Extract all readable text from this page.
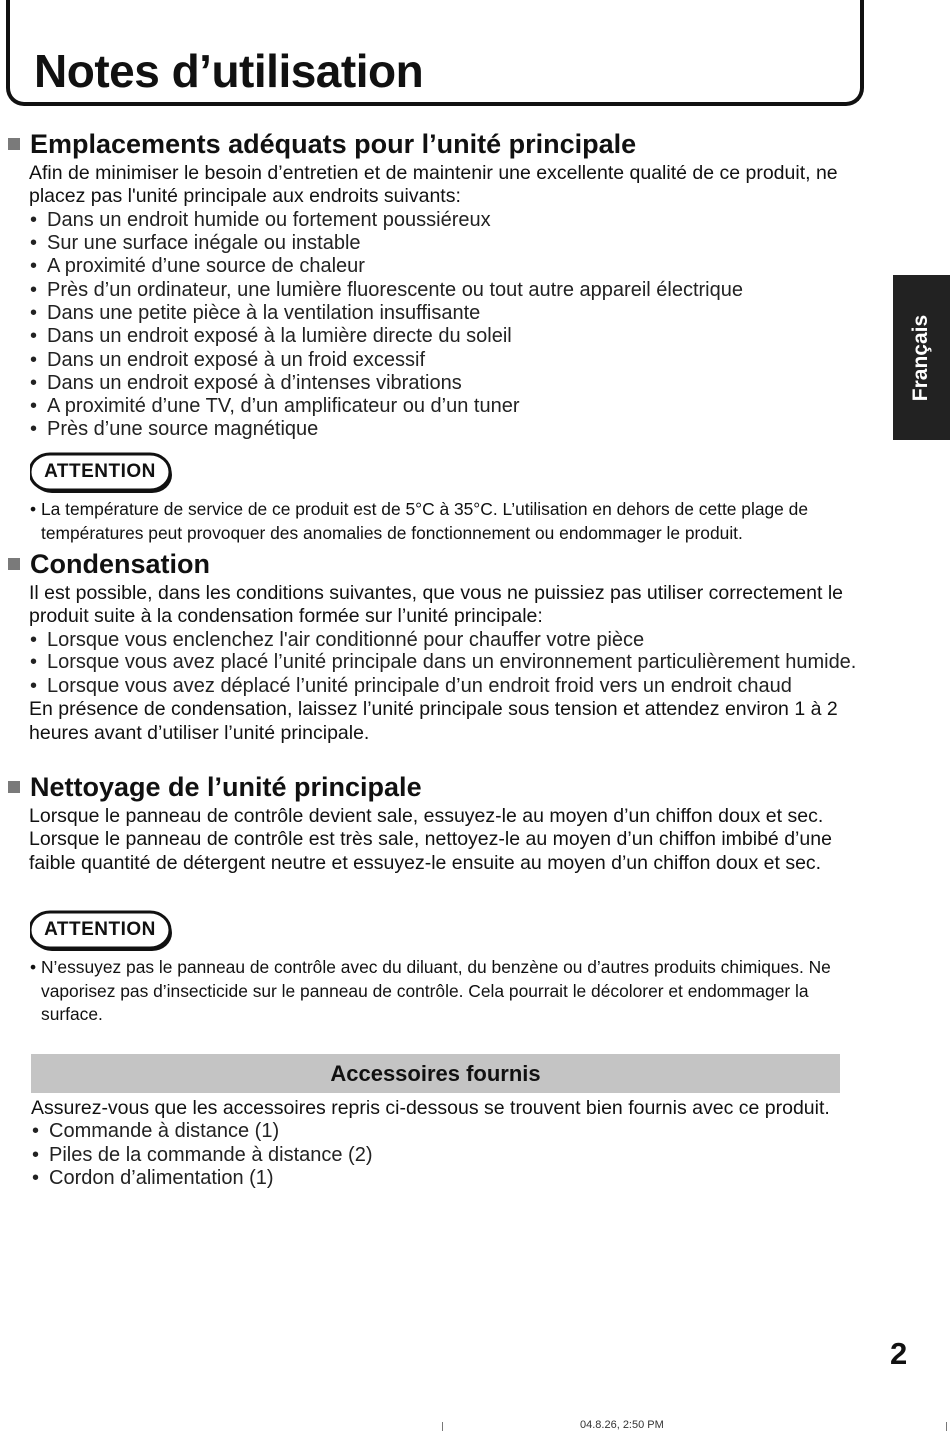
Notes d’utilisation
Français
Emplacements adéquats pour l’unité principale

Afin de minimiser le besoin d’entretien et de maintenir une excellente qualité de ce produit, ne placez pas l'unité principale aux endroits suivants:

• Dans un endroit humide ou fortement poussiéreux
• Sur une surface inégale ou instable
• A proximité d’une source de chaleur
• Près d’un ordinateur, une lumière fluorescente ou tout autre appareil électrique
• Dans une petite pièce à la ventilation insuffisante
• Dans un endroit exposé à la lumière directe du soleil
• Dans un endroit exposé à un froid excessif
• Dans un endroit exposé à d’intenses vibrations
• A proximité d’une TV, d’un amplificateur ou d’un tuner
• Près d’une source magnétique
ATTENTION

• La température de service de ce produit est de 5°C à 35°C. L’utilisation en dehors de cette plage de températures peut provoquer des anomalies de fonctionnement ou endommager le produit.

Condensation

Il est possible, dans les conditions suivantes, que vous ne puissiez pas utiliser correctement le produit suite à la condensation formée sur l’unité principale:

• Lorsque vous enclenchez l'air conditionné pour chauffer votre pièce
• Lorsque vous avez placé l’unité principale dans un environnement particulièrement humide.
• Lorsque vous avez déplacé l’unité principale d’un endroit froid vers un endroit chaud

En présence de condensation, laissez l’unité principale sous tension et attendez environ 1 à 2 heures avant d’utiliser l’unité principale.

Nettoyage de l’unité principale

Lorsque le panneau de contrôle devient sale, essuyez-le au moyen d’un chiffon doux et sec. Lorsque le panneau de contrôle est très sale, nettoyez-le au moyen d’un chiffon imbibé d’une faible quantité de détergent neutre et essuyez-le ensuite au moyen d’un chiffon doux et sec.

ATTENTION

• N’essuyez pas le panneau de contrôle avec du diluant, du benzène ou d’autres produits chimiques. Ne vaporisez pas d’insecticide sur le panneau de contrôle. Cela pourrait le décolorer et endommager la surface.

Accessoires fournis

Assurez-vous que les accessoires repris ci-dessous se trouvent bien fournis avec ce produit.

• Commande à distance (1)
• Piles de la commande à distance (2)
• Cordon d’alimentation (1)
2
04.8.26, 2:50 PM
